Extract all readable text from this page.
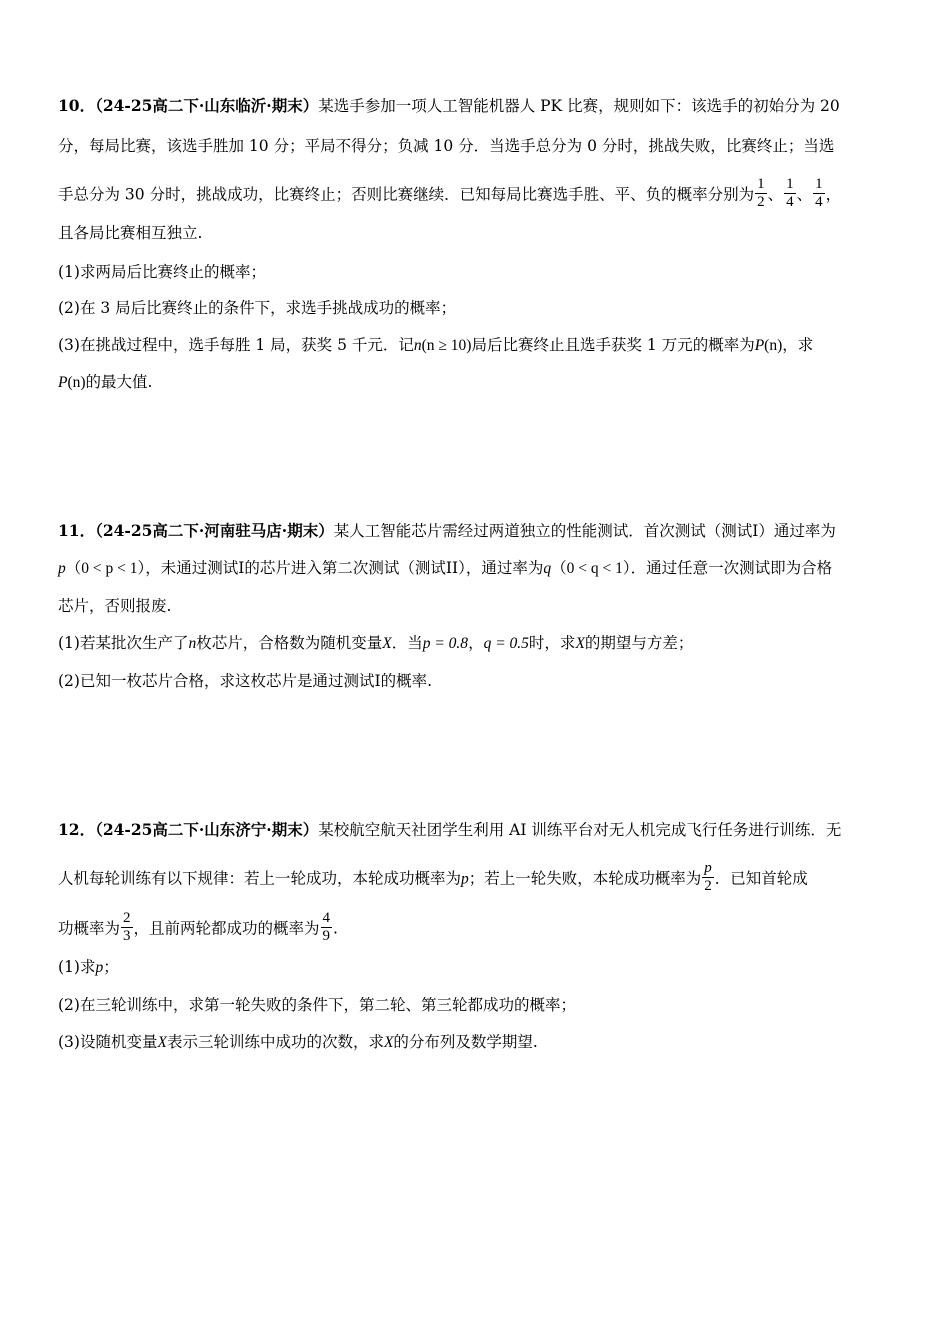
10．（24-25高二下·山东临沂·期末）某选手参加一项人工智能机器人 PK 比赛，规则如下：该选手的初始分为 20
分，每局比赛，该选手胜加 10 分；平局不得分；负减 10 分．当选手总分为 0 分时，挑战失败，比赛终止；当选
手总分为 30 分时，挑战成功，比赛终止；否则比赛继续．已知每局比赛选手胜、平、负的概率分别为 $\frac{1}{2}$ 、 $\frac{1}{4}$ 、 $\frac{1}{4}$ ，
且各局比赛相互独立.
(1)求两局后比赛终止的概率；
(2)在 3 局后比赛终止的条件下，求选手挑战成功的概率；
(3)在挑战过程中，选手每胜 1 局，获奖 5 千元．记n(n ≥ 10)局后比赛终止且选手获奖 1 万元的概率为P(n)，求
P(n)的最大值.
11．（24-25高二下·河南驻马店·期末）某人工智能芯片需经过两道独立的性能测试．首次测试（测试I）通过率为
p（0 < p < 1），未通过测试I的芯片进入第二次测试（测试II），通过率为q（0 < q < 1）．通过任意一次测试即为合格
芯片，否则报废.
(1)若某批次生产了n枚芯片，合格数为随机变量X．当p = 0.8，q = 0.5时，求X的期望与方差；
(2)已知一枚芯片合格，求这枚芯片是通过测试I的概率.
12．（24-25高二下·山东济宁·期末）某校航空航天社团学生利用 AI 训练平台对无人机完成飞行任务进行训练．无
人机每轮训练有以下规律：若上一轮成功，本轮成功概率为p；若上一轮失败，本轮成功概率为 $\frac{p}{2}$ ．已知首轮成
功概率为 $\frac{2}{3}$ ，且前两轮都成功的概率为 $\frac{4}{9}$ .
(1)求p；
(2)在三轮训练中，求第一轮失败的条件下，第二轮、第三轮都成功的概率；
(3)设随机变量X表示三轮训练中成功的次数，求X的分布列及数学期望.
